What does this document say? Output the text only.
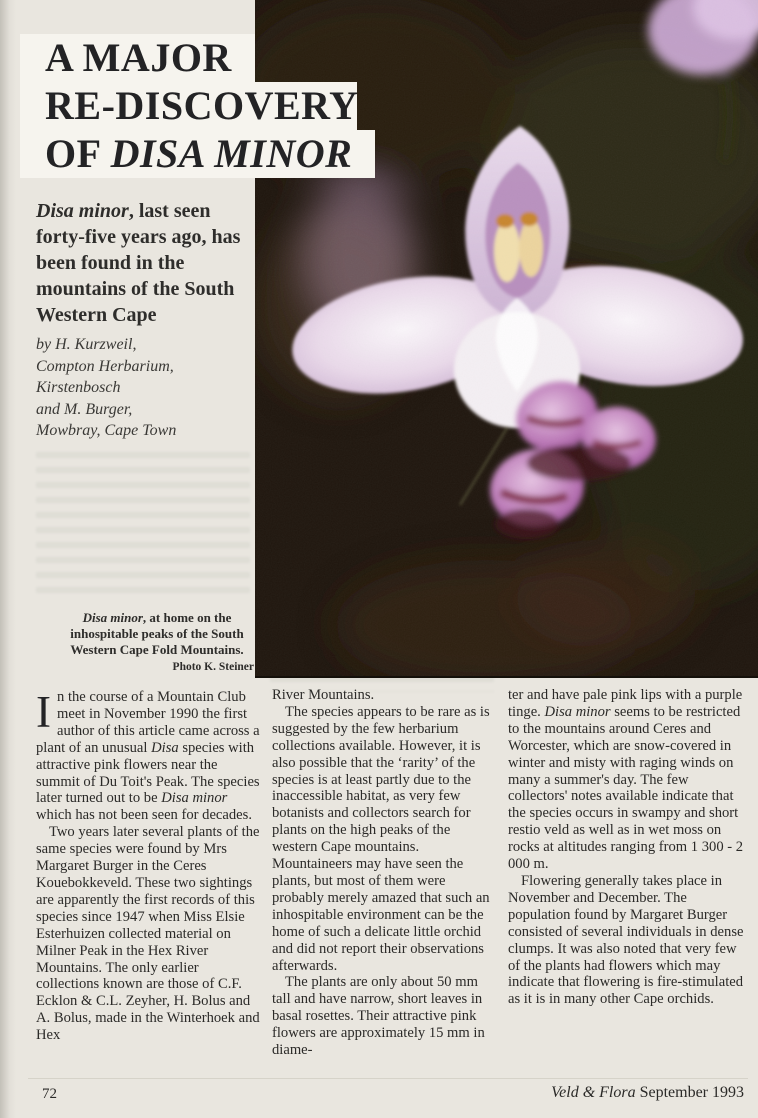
A MAJOR
RE-DISCOVERY
OF DISA MINOR
Disa minor, last seen forty-five years ago, has been found in the mountains of the South Western Cape
by H. Kurzweil,
Compton Herbarium,
Kirstenbosch
and M. Burger,
Mowbray, Cape Town

Disa minor, at home on the inhospitable peaks of the South Western Cape Fold Mountains.

Photo K. Steiner

In the course of a Mountain Club meet in November 1990 the first author of this article came across a plant of an unusual Disa species with attractive pink flowers near the summit of Du Toit's Peak. The species later turned out to be Disa minor which has not been seen for decades.

Two years later several plants of the same species were found by Mrs Margaret Burger in the Ceres Kouebokkeveld. These two sightings are apparently the first records of this species since 1947 when Miss Elsie Esterhuizen collected material on Milner Peak in the Hex River Mountains. The only earlier collections known are those of C.F. Ecklon & C.L. Zeyher, H. Bolus and A. Bolus, made in the Winterhoek and Hex

River Mountains.

The species appears to be rare as is suggested by the few herbarium collections available. However, it is also possible that the ‘rarity’ of the species is at least partly due to the inaccessible habitat, as very few botanists and collectors search for plants on the high peaks of the western Cape mountains. Mountaineers may have seen the plants, but most of them were probably merely amazed that such an inhospitable environment can be the home of such a delicate little orchid and did not report their observations afterwards.

The plants are only about 50 mm tall and have narrow, short leaves in basal rosettes. Their attractive pink flowers are approximately 15 mm in diame-

ter and have pale pink lips with a purple tinge. Disa minor seems to be restricted to the mountains around Ceres and Worcester, which are snow-covered in winter and misty with raging winds on many a summer's day. The few collectors' notes available indicate that the species occurs in swampy and short restio veld as well as in wet moss on rocks at altitudes ranging from 1 300 - 2 000 m.

Flowering generally takes place in November and December. The population found by Margaret Burger consisted of several individuals in dense clumps. It was also noted that very few of the plants had flowers which may indicate that flowering is fire-stimulated as it is in many other Cape orchids.

72	Veld & Flora September 1993
